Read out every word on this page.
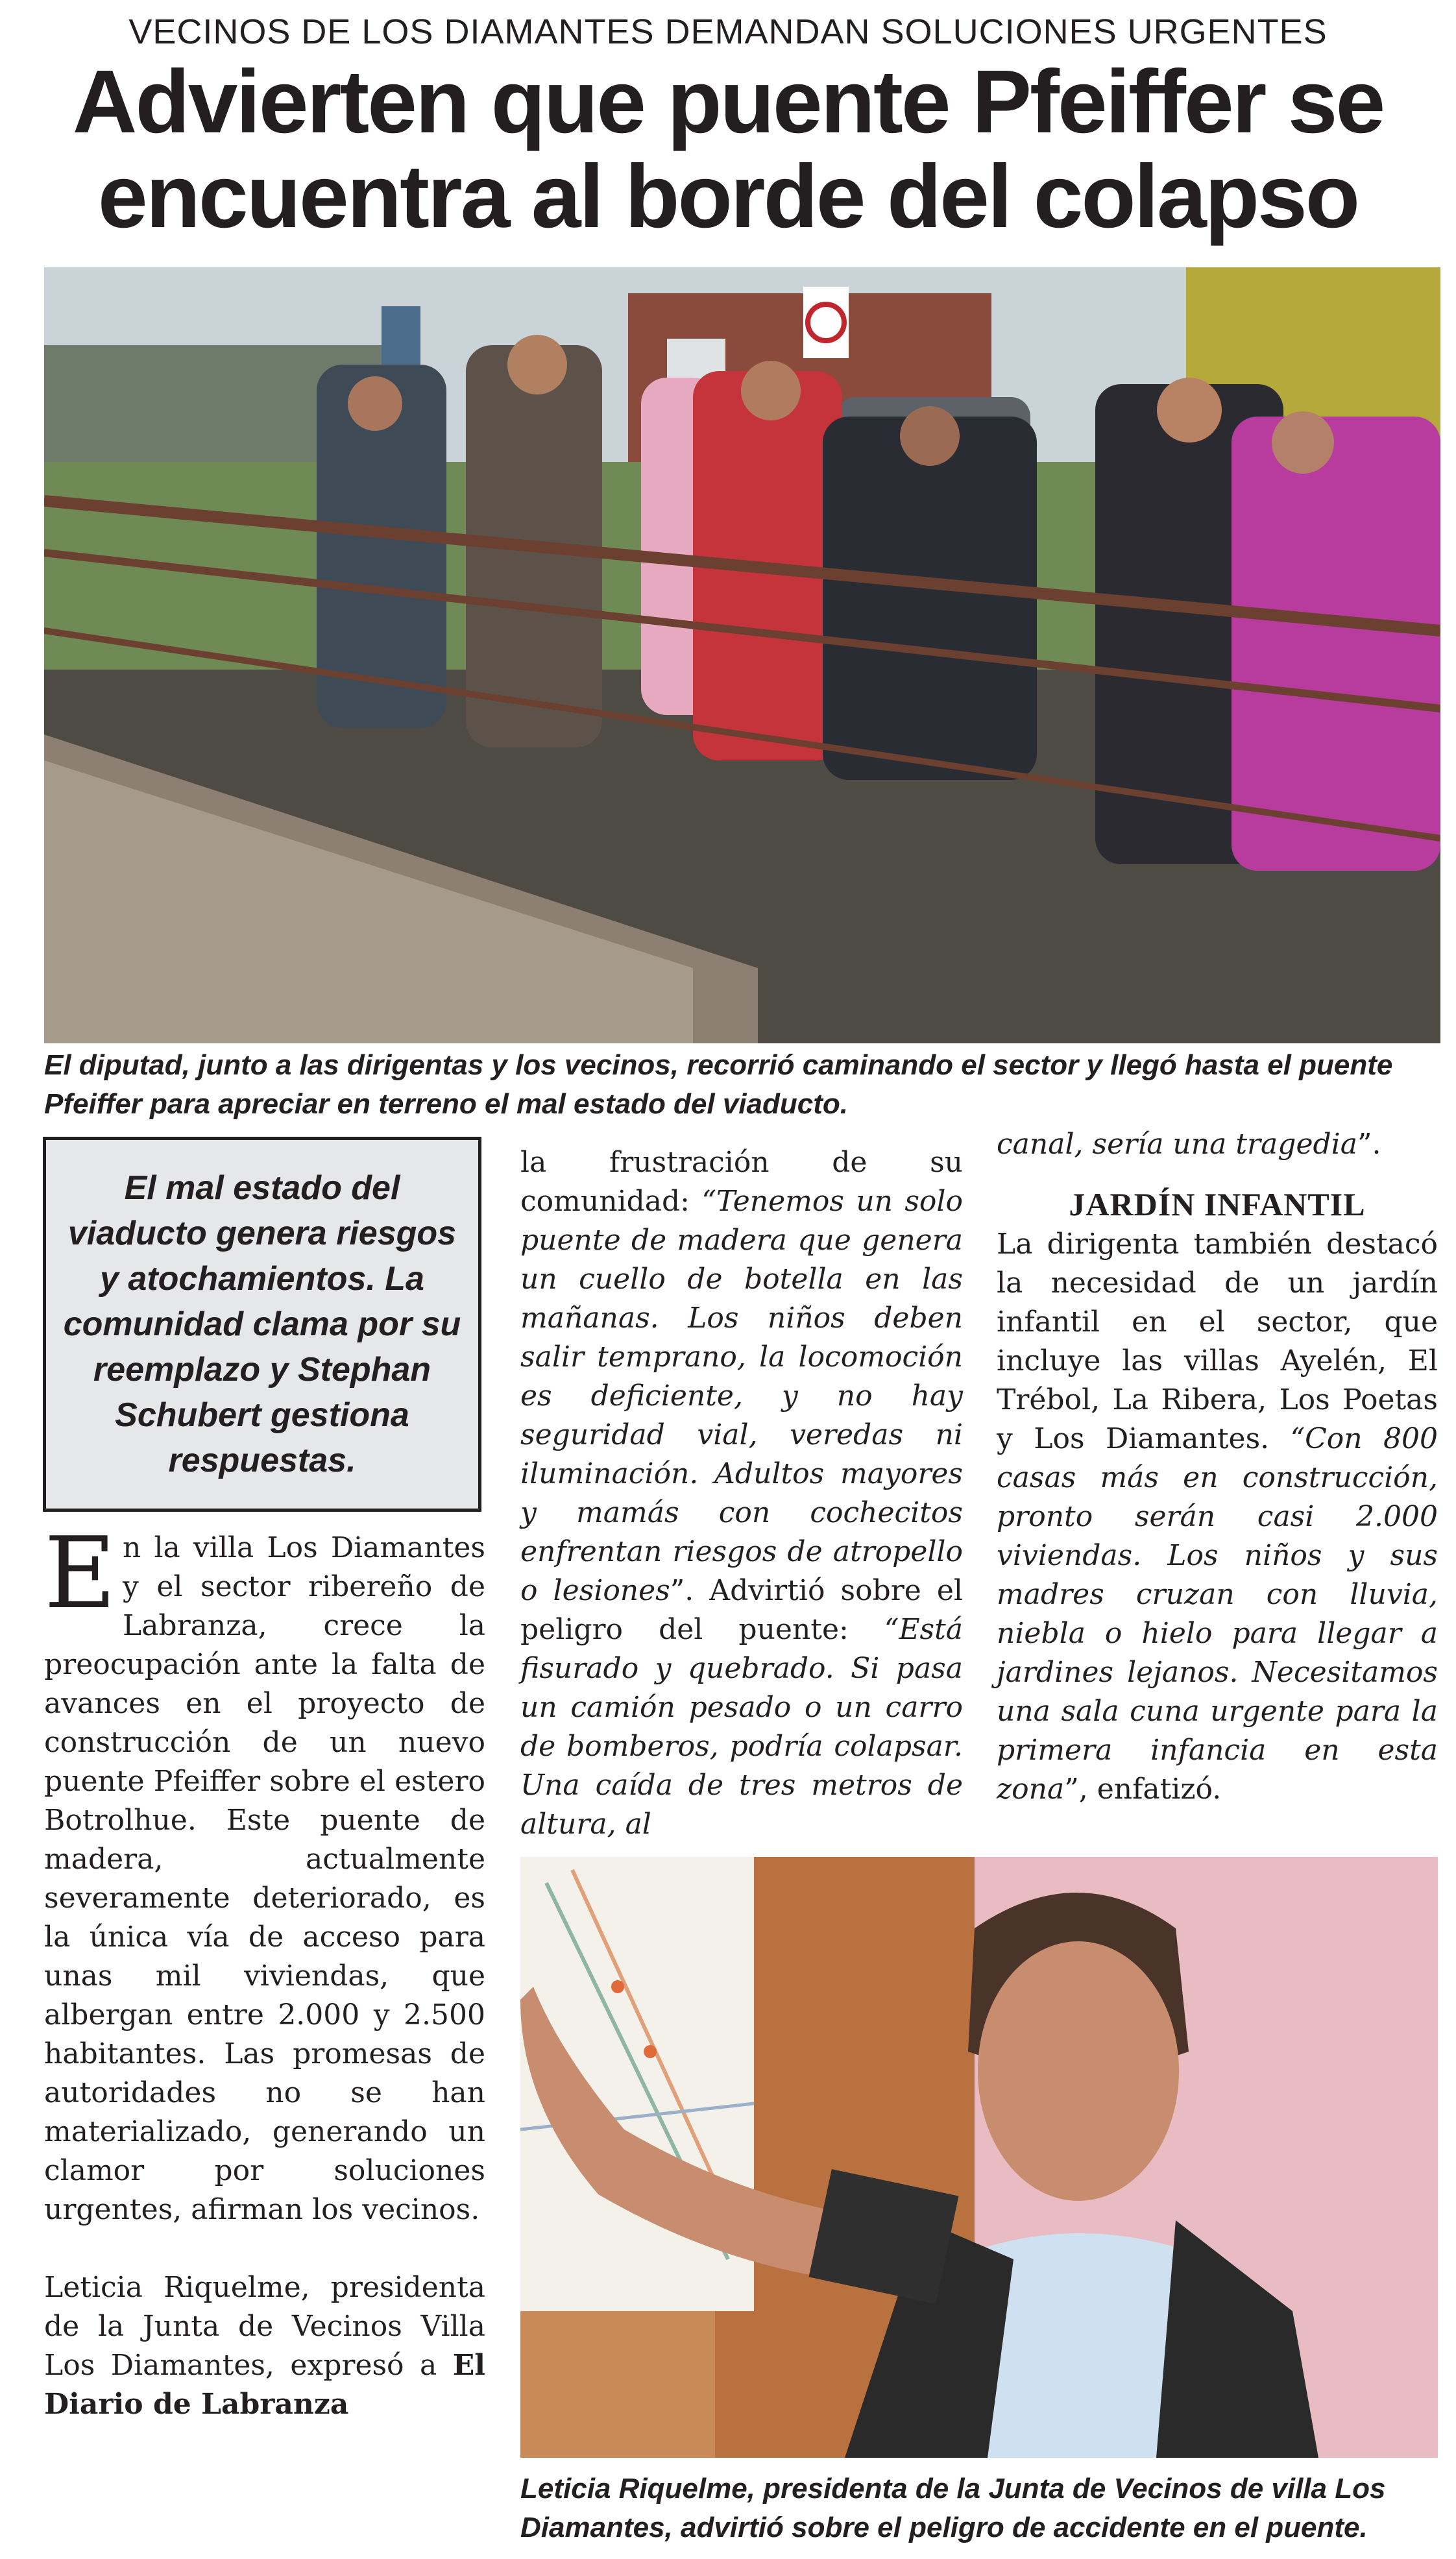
VECINOS DE LOS DIAMANTES DEMANDAN SOLUCIONES URGENTES
Advierten que puente Pfeiffer se
encuentra al borde del colapso
El diputad, junto a las dirigentas y los vecinos, recorrió caminando el sector y llegó hasta el puente Pfeiffer para apreciar en terreno el mal estado del viaducto.
El mal estado del viaducto genera riesgos y atochamientos. La comunidad clama por su reemplazo y Stephan Schubert gestiona respuestas.

En la villa Los Diamantes y el sector ribereño de Labranza, crece la preocupación ante la falta de avances en el proyecto de construcción de un nuevo puente Pfeiffer sobre el estero Botrolhue. Este puente de madera, actualmente severamente deteriorado, es la única vía de acceso para unas mil viviendas, que albergan entre 2.000 y 2.500 habitantes. Las promesas de autoridades no se han materializado, generando un clamor por soluciones urgentes, afirman los vecinos.

Leticia Riquelme, presidenta de la Junta de Vecinos Villa Los Diamantes, expresó a El Diario de Labranza

la frustración de su comunidad: “Tenemos un solo puente de madera que genera un cuello de botella en las mañanas. Los niños deben salir temprano, la locomoción es deficiente, y no hay seguridad vial, veredas ni iluminación. Adultos mayores y mamás con cochecitos enfrentan riesgos de atropello o lesiones”. Advirtió sobre el peligro del puente: “Está fisurado y quebrado. Si pasa un camión pesado o un carro de bomberos, podría colapsar. Una caída de tres metros de altura, al

canal, sería una tragedia”.

JARDÍN INFANTIL

La dirigenta también destacó la necesidad de un jardín infantil en el sector, que incluye las villas Ayelén, El Trébol, La Ribera, Los Poetas y Los Diamantes. “Con 800 casas más en construcción, pronto serán casi 2.000 viviendas. Los niños y sus madres cruzan con lluvia, niebla o hielo para llegar a jardines lejanos. Necesitamos una sala cuna urgente para la primera infancia en esta zona”, enfatizó.

Leticia Riquelme, presidenta de la Junta de Vecinos de villa Los Diamantes, advirtió sobre el peligro de accidente en el puente.
